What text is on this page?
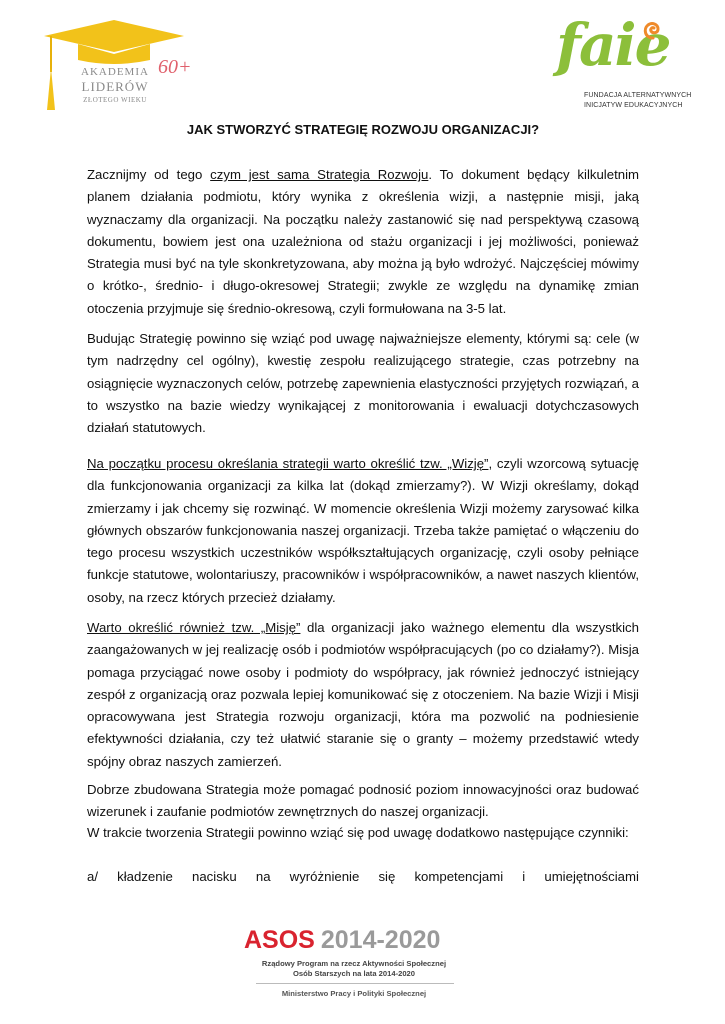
AKADEMIA
LIDERÓW
ZŁOTEGO WIEKU
60+	faie
FUNDACJA ALTERNATYWNYCH
INICJATYW EDUKACYJNYCH
JAK STWORZYĆ STRATEGIĘ ROZWOJU ORGANIZACJI?
Zacznijmy od tego czym jest sama Strategia Rozwoju. To dokument będący kilkuletnim planem działania podmiotu, który wynika z określenia wizji, a następnie misji, jaką wyznaczamy dla organizacji. Na początku należy zastanowić się nad perspektywą czasową dokumentu, bowiem jest ona uzależniona od stażu organizacji i jej możliwości, ponieważ Strategia musi być na tyle skonkretyzowana, aby można ją było wdrożyć. Najczęściej mówimy o krótko-, średnio- i długo-okresowej Strategii; zwykle ze względu na dynamikę zmian otoczenia przyjmuje się średnio-okresową, czyli formułowana na 3-5 lat.
Budując Strategię powinno się wziąć pod uwagę najważniejsze elementy, którymi są: cele (w tym nadrzędny cel ogólny), kwestię zespołu realizującego strategie, czas potrzebny na osiągnięcie wyznaczonych celów, potrzebę zapewnienia elastyczności przyjętych rozwiązań, a to wszystko na bazie wiedzy wynikającej z monitorowania i ewaluacji dotychczasowych działań statutowych.
Na początku procesu określania strategii warto określić tzw. „Wizję”, czyli wzorcową sytuację dla funkcjonowania organizacji za kilka lat (dokąd zmierzamy?). W Wizji określamy, dokąd zmierzamy i jak chcemy się rozwinąć. W momencie określenia Wizji możemy zarysować kilka głównych obszarów funkcjonowania naszej organizacji. Trzeba także pamiętać o włączeniu do tego procesu wszystkich uczestników współkształtujących organizację, czyli osoby pełniące funkcje statutowe, wolontariuszy, pracowników i współpracowników, a nawet naszych klientów, osoby, na rzecz których przecież działamy.
Warto określić również tzw. „Misję” dla organizacji jako ważnego elementu dla wszystkich zaangażowanych w jej realizację osób i podmiotów współpracujących (po co działamy?). Misja pomaga przyciągać nowe osoby i podmioty do współpracy, jak również jednoczyć istniejący zespół z organizacją oraz pozwala lepiej komunikować się z otoczeniem. Na bazie Wizji i Misji opracowywana jest Strategia rozwoju organizacji, która ma pozwolić na podniesienie efektywności działania, czy też ułatwić staranie się o granty – możemy przedstawić wtedy spójny obraz naszych zamierzeń.
Dobrze zbudowana Strategia może pomagać podnosić poziom innowacyjności oraz budować wizerunek i zaufanie podmiotów zewnętrznych do naszej organizacji.
W trakcie tworzenia Strategii powinno wziąć się pod uwagę dodatkowo następujące czynniki:
a/ kładzenie nacisku na wyróżnienie się kompetencjami i umiejętnościami
ASOS 2014-2020
Rządowy Program na rzecz Aktywności Społecznej
Osób Starszych na lata 2014-2020
Ministerstwo Pracy i Polityki Społecznej
